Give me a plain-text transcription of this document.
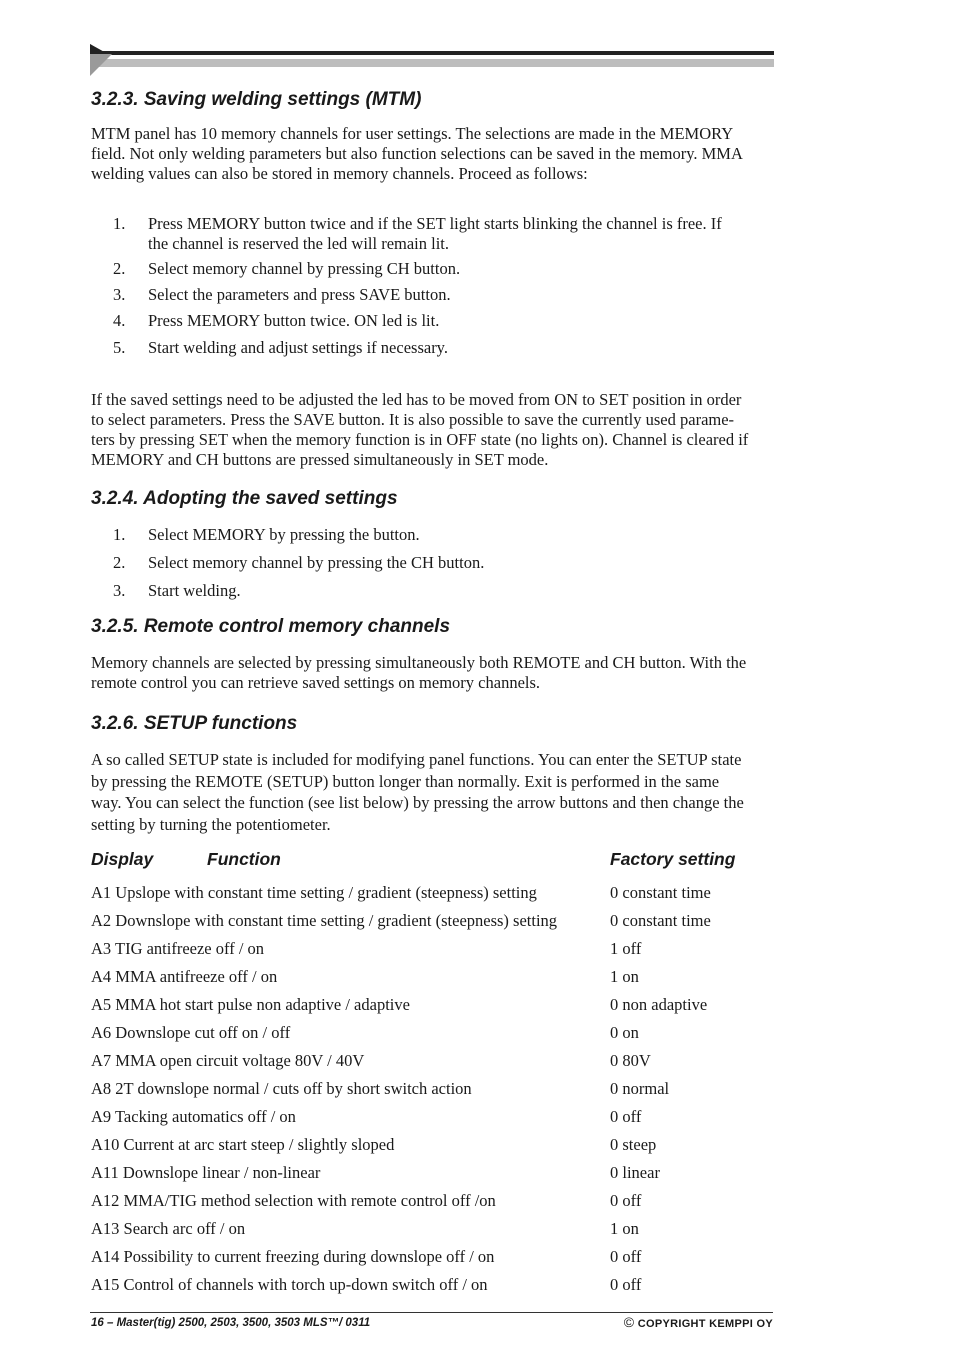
3.2.3. Saving welding settings (MTM)

MTM panel has 10 memory channels for user settings. The selections are made in the MEMORY
field. Not only welding parameters but also function selections can be saved in the memory. MMA
welding values can also be stored in memory channels. Proceed as follows:

1. Press MEMORY button twice and if the SET light starts blinking the channel is free. If
the channel is reserved the led will remain lit.
2. Select memory channel by pressing CH button.
3. Select the parameters and press SAVE button.
4. Press MEMORY button twice. ON led is lit.
5. Start welding and adjust settings if necessary.

If the saved settings need to be adjusted the led has to be moved from ON to SET position in order
to select parameters. Press the SAVE button. It is also possible to save the currently used parame-
ters by pressing SET when the memory function is in OFF state (no lights on). Channel is cleared if
MEMORY and CH buttons are pressed simultaneously in SET mode.

3.2.4. Adopting the saved settings
1. Select MEMORY by pressing the button.
2. Select memory channel by pressing the CH button.
3. Start welding.
3.2.5. Remote control memory channels

Memory channels are selected by pressing simultaneously both REMOTE and CH button. With the
remote control you can retrieve saved settings on memory channels.

3.2.6. SETUP functions

A so called SETUP state is included for modifying panel functions. You can enter the SETUP state
by pressing the REMOTE (SETUP) button longer than normally. Exit is performed in the same
way. You can select the function (see list below) by pressing the arrow buttons and then change the
setting by turning the potentiometer.

Display	Function	Factory setting
A1 Upslope with constant time setting / gradient (steepness) setting	0 constant time
A2 Downslope with constant time setting / gradient (steepness) setting	0 constant time
A3 TIG antifreeze off / on	1 off
A4 MMA antifreeze off / on	1 on
A5 MMA hot start pulse non adaptive / adaptive	0 non adaptive
A6 Downslope cut off on / off	0 on
A7 MMA open circuit voltage 80V / 40V	0 80V
A8 2T downslope normal / cuts off by short switch action	0 normal
A9 Tacking automatics off / on	0 off
A10 Current at arc start steep / slightly sloped	0 steep
A11 Downslope linear / non-linear	0 linear
A12 MMA/TIG method selection with remote control off /on	0 off
A13 Search arc off / on	1 on
A14 Possibility to current freezing during downslope off / on	0 off
A15 Control of channels with torch up-down switch off / on	0 off
16 – Master(tig) 2500, 2503, 3500, 3503 MLS™/ 0311	© COPYRIGHT KEMPPI OY
